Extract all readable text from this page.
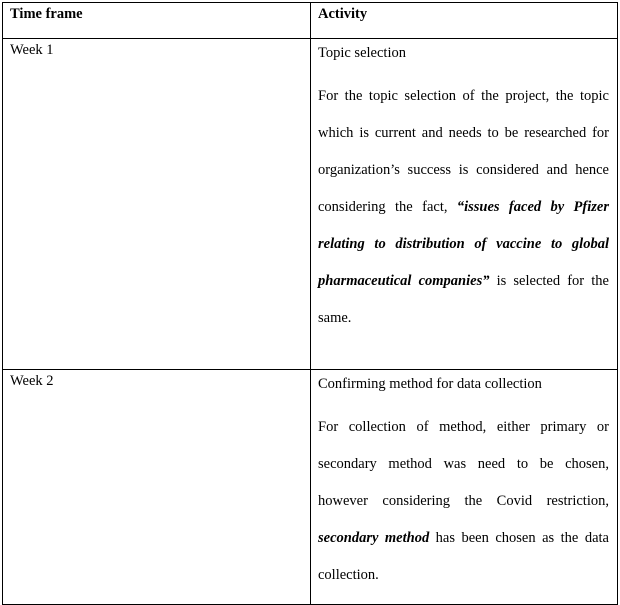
Time frame	Activity

Week 1	Topic selection
For the topic selection of the project, the topic which is current and needs to be researched for organization’s success is considered and hence considering the fact, “issues faced by Pfizer relating to distribution of vaccine to global pharmaceutical companies” is selected for the same.

Week 2	Confirming method for data collection
For collection of method, either primary or secondary method was need to be chosen, however considering the Covid restriction, secondary method has been chosen as the data collection.
